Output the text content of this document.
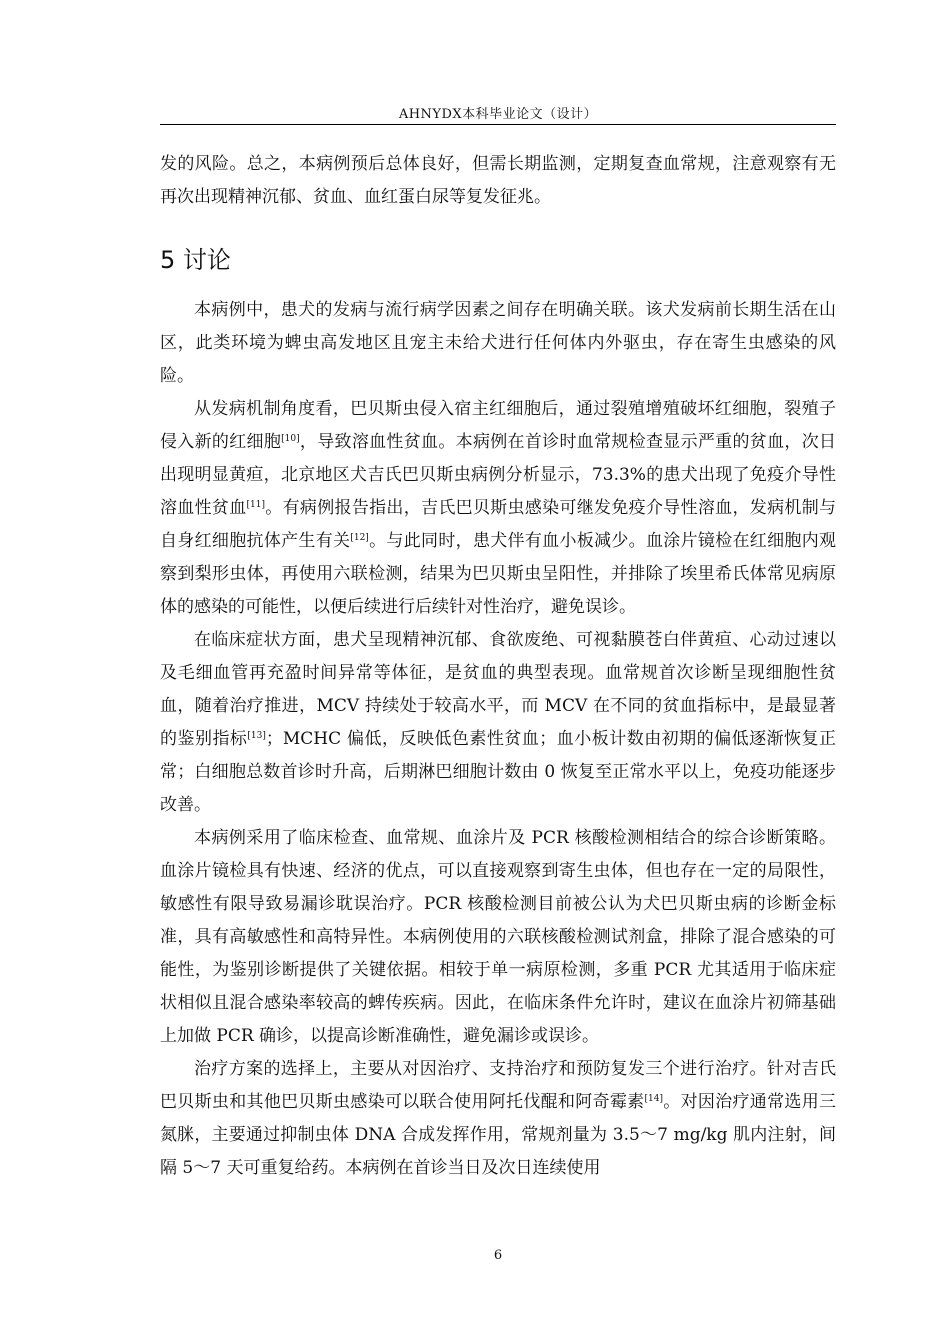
AHNYDX本科毕业论文（设计）

发的风险。总之，本病例预后总体良好，但需长期监测，定期复查血常规，注意观察有无再次出现精神沉郁、贫血、血红蛋白尿等复发征兆。

5 讨论

本病例中，患犬的发病与流行病学因素之间存在明确关联。该犬发病前长期生活在山区，此类环境为蜱虫高发地区且宠主未给犬进行任何体内外驱虫，存在寄生虫感染的风险。

从发病机制角度看，巴贝斯虫侵入宿主红细胞后，通过裂殖增殖破坏红细胞，裂殖子侵入新的红细胞[10]，导致溶血性贫血。本病例在首诊时血常规检查显示严重的贫血，次日出现明显黄疸，北京地区犬吉氏巴贝斯虫病例分析显示，73.3%的患犬出现了免疫介导性溶血性贫血[11]。有病例报告指出，吉氏巴贝斯虫感染可继发免疫介导性溶血，发病机制与自身红细胞抗体产生有关[12]。与此同时，患犬伴有血小板减少。血涂片镜检在红细胞内观察到梨形虫体，再使用六联检测，结果为巴贝斯虫呈阳性，并排除了埃里希氏体常见病原体的感染的可能性，以便后续进行后续针对性治疗，避免误诊。

在临床症状方面，患犬呈现精神沉郁、食欲废绝、可视黏膜苍白伴黄疸、心动过速以及毛细血管再充盈时间异常等体征，是贫血的典型表现。血常规首次诊断呈现细胞性贫血，随着治疗推进，MCV 持续处于较高水平，而 MCV 在不同的贫血指标中，是最显著的鉴别指标[13]；MCHC 偏低，反映低色素性贫血；血小板计数由初期的偏低逐渐恢复正常；白细胞总数首诊时升高，后期淋巴细胞计数由 0 恢复至正常水平以上，免疫功能逐步改善。

本病例采用了临床检查、血常规、血涂片及 PCR 核酸检测相结合的综合诊断策略。血涂片镜检具有快速、经济的优点，可以直接观察到寄生虫体，但也存在一定的局限性，敏感性有限导致易漏诊耽误治疗。PCR 核酸检测目前被公认为犬巴贝斯虫病的诊断金标准，具有高敏感性和高特异性。本病例使用的六联核酸检测试剂盒，排除了混合感染的可能性，为鉴别诊断提供了关键依据。相较于单一病原检测，多重 PCR 尤其适用于临床症状相似且混合感染率较高的蜱传疾病。因此，在临床条件允许时，建议在血涂片初筛基础上加做 PCR 确诊，以提高诊断准确性，避免漏诊或误诊。

治疗方案的选择上，主要从对因治疗、支持治疗和预防复发三个进行治疗。针对吉氏巴贝斯虫和其他巴贝斯虫感染可以联合使用阿托伐醌和阿奇霉素[14]。对因治疗通常选用三氮脒，主要通过抑制虫体 DNA 合成发挥作用，常规剂量为 3.5～7 mg/kg 肌内注射，间隔 5～7 天可重复给药。本病例在首诊当日及次日连续使用

6
